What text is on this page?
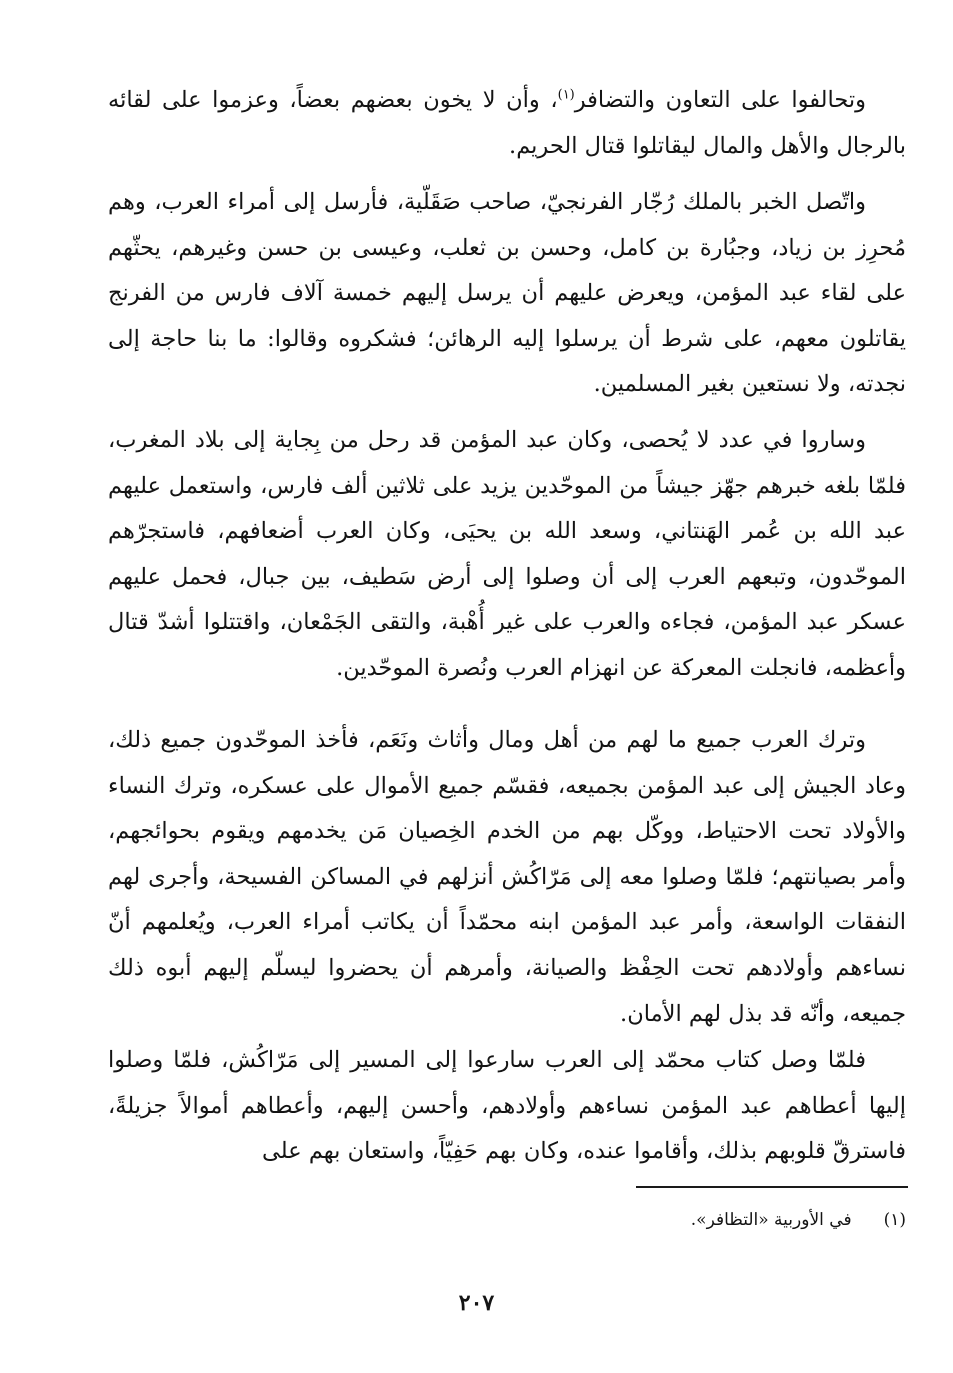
وتحالفوا على التعاون والتضافر$^{(١)}$، وأن لا يخون بعضهم بعضاً، وعزموا على لقائه بالرجال والأهل والمال ليقاتلوا قتال الحريم.

واتّصل الخبر بالملك رُجّار الفرنجيّ، صاحب صَقَلّية، فأرسل إلى أمراء العرب، وهم مُحرِز بن زياد، وجبُارة بن كامل، وحسن بن ثعلب، وعيسى بن حسن وغيرهم، يحثّهم على لقاء عبد المؤمن، ويعرض عليهم أن يرسل إليهم خمسة آلاف فارس من الفرنج يقاتلون معهم، على شرط أن يرسلوا إليه الرهائن؛ فشكروه وقالوا: ما بنا حاجة إلى نجدته، ولا نستعين بغير المسلمين.

وساروا في عدد لا يُحصى، وكان عبد المؤمن قد رحل من بِجاية إلى بلاد المغرب، فلمّا بلغه خبرهم جهّز جيشاً من الموحّدين يزيد على ثلاثين ألف فارس، واستعمل عليهم عبد الله بن عُمر الهَنتاني، وسعد الله بن يحيَى، وكان العرب أضعافهم، فاستجرّهم الموحّدون، وتبعهم العرب إلى أن وصلوا إلى أرض سَطيف، بين جبال، فحمل عليهم عسكر عبد المؤمن، فجاءه والعرب على غير أُهْبة، والتقى الجَمْعان، واقتتلوا أشدّ قتال وأعظمه، فانجلت المعركة عن انهزام العرب ونُصرة الموحّدين.

وترك العرب جميع ما لهم من أهل ومال وأثاث ونَعَم، فأخذ الموحّدون جميع ذلك، وعاد الجيش إلى عبد المؤمن بجميعه، فقسّم جميع الأموال على عسكره، وترك النساء والأولاد تحت الاحتياط، ووكّل بهم من الخدم الخِصيان مَن يخدمهم ويقوم بحوائجهم، وأمر بصيانتهم؛ فلمّا وصلوا معه إلى مَرّاكُش أنزلهم في المساكن الفسيحة، وأجرى لهم النفقات الواسعة، وأمر عبد المؤمن ابنه محمّداً أن يكاتب أمراء العرب، ويُعلمهم أنّ نساءهم وأولادهم تحت الحِفْظ والصيانة، وأمرهم أن يحضروا ليسلّم إليهم أبوه ذلك جميعه، وأنّه قد بذل لهم الأمان.

فلمّا وصل كتاب محمّد إلى العرب سارعوا إلى المسير إلى مَرّاكُش، فلمّا وصلوا إليها أعطاهم عبد المؤمن نساءهم وأولادهم، وأحسن إليهم، وأعطاهم أموالاً جزيلةً، فاسترقّ قلوبهم بذلك، وأقاموا عنده، وكان بهم حَفِيّاً، واستعان بهم على

(١)في الأوربية «التظافر».
٢٠٧
